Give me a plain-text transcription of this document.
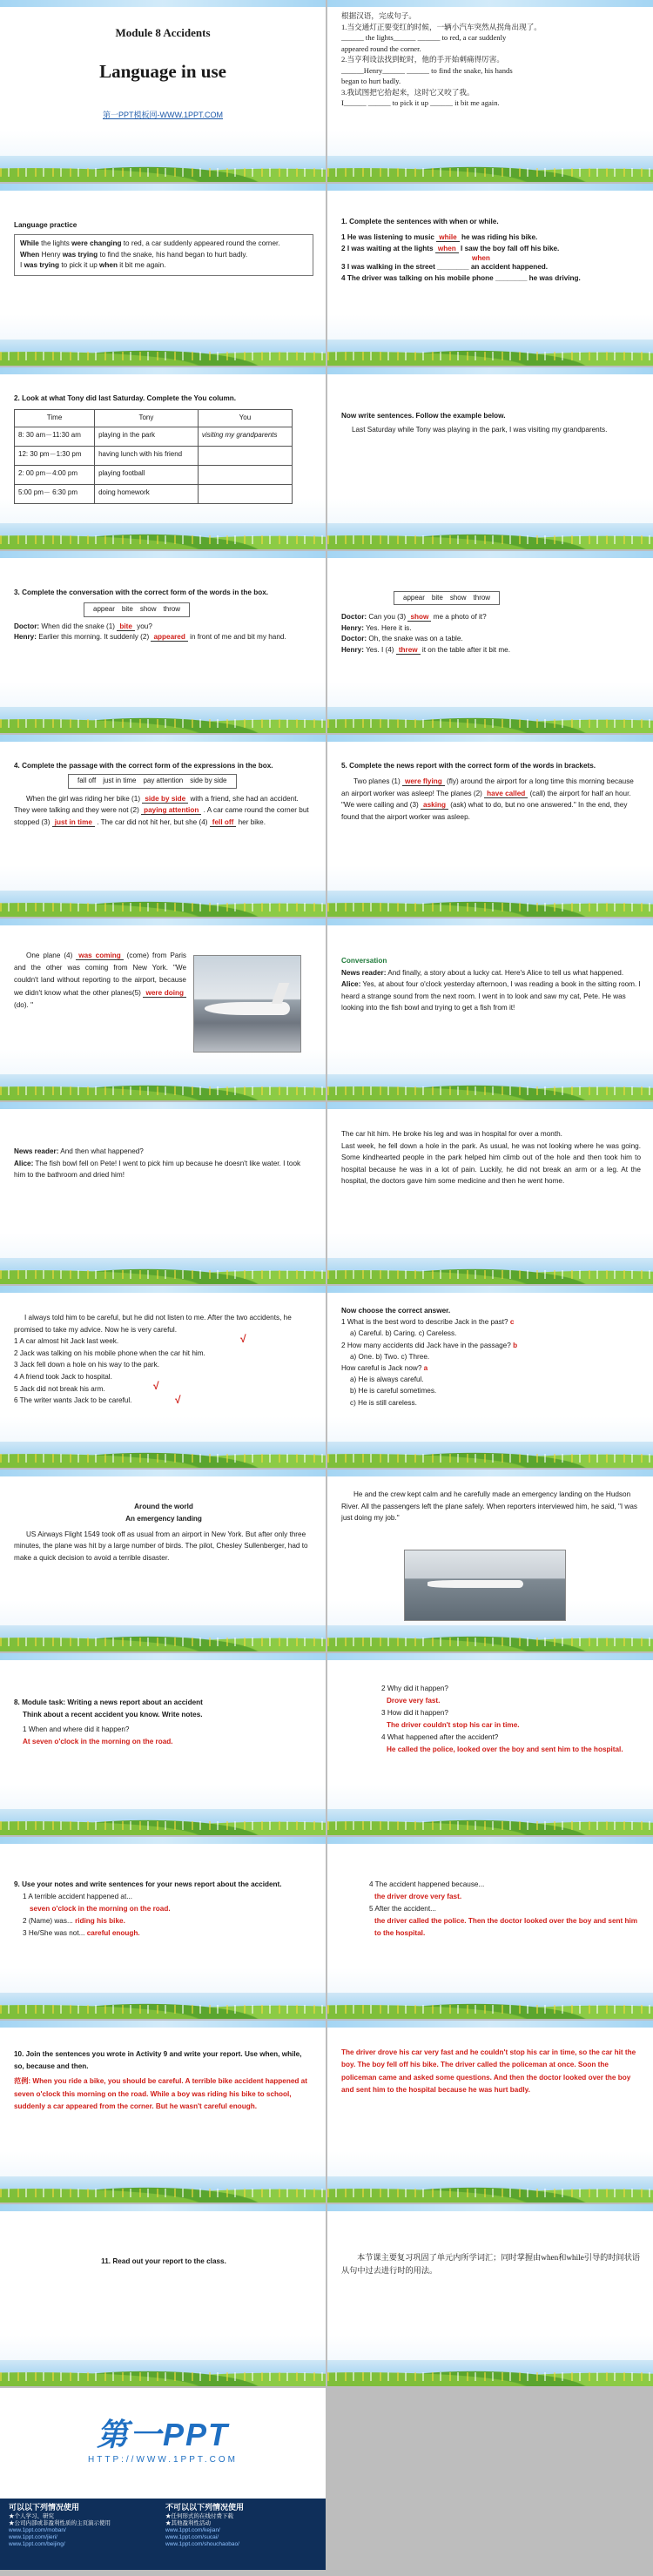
Module 8 Accidents
Language in use
第一PPT模板网-WWW.1PPT.COM
根据汉语，完成句子。
1.当交通灯正要变红的时候，一辆小汽车突然从拐角出现了。
______ the lights______ ______ to red, a car suddenly
appeared round the corner.
2.当亨利设法找到蛇时，他的手开始刺痛得厉害。
______Henry______ ______ to find the snake, his hands
began to hurt badly.
3.我试图把它拾起来，这时它又咬了我。
I______ ______ to pick it up ______ it bit me again.
Language practice
While the lights were changing to red, a car suddenly appeared round the corner.
When Henry was trying to find the snake, his hand began to hurt badly.
I was trying to pick it up when it bit me again.
1. Complete the sentences with when or while.
1 He was listening to music while he was riding his bike.
2 I was waiting at the lights when I saw the boy fall off his bike.
when
3 I was walking in the street ________ an accident happened.
4 The driver was talking on his mobile phone ________ he was driving.
2. Look at what Tony did last Saturday. Complete the You column.
Time	Tony	You
8: 30 am－11:30 am	playing in the park	visiting my grandparents
12: 30 pm－1:30 pm	having lunch with his friend	
2: 00 pm－4:00 pm	playing football	
5:00 pm－ 6:30 pm	doing homework	
Now write sentences. Follow the example below.
Last Saturday while Tony was playing in the park, I was visiting my grandparents.
3. Complete the conversation with the correct form of the words in the box.
appear bite show throw
Doctor: When did the snake (1) bite you?
Henry: Earlier this morning. It suddenly (2) appeared in front of me and bit my hand.
appear bite show throw
Doctor: Can you (3) show me a photo of it?
Henry: Yes. Here it is.
Doctor: Oh, the snake was on a table.
Henry: Yes. I (4) threw it on the table after it bit me.
4. Complete the passage with the correct form of the expressions in the box.
fall off just in time pay attention side by side
When the girl was riding her bike (1) side by side with a friend, she had an accident. They were talking and they were not (2) paying attention . A car came round the corner but stopped (3) just in time . The car did not hit her, but she (4) fell off her bike.
5. Complete the news report with the correct form of the words in brackets.
Two planes (1) were flying (fly) around the airport for a long time this morning because an airport worker was asleep! The planes (2) have called (call) the airport for half an hour. "We were calling and (3) asking (ask) what to do, but no one answered." In the end, they found that the airport worker was asleep.
One plane (4) was coming (come) from Paris and the other was coming from New York. "We couldn't land without reporting to the airport, because we didn't know what the other planes(5) were doing (do). "
Conversation
News reader: And finally, a story about a lucky cat. Here's Alice to tell us what happened.
Alice: Yes, at about four o'clock yesterday afternoon, I was reading a book in the sitting room. I heard a strange sound from the next room. I went in to look and saw my cat, Pete. He was looking into the fish bowl and trying to get a fish from it!
News reader: And then what happened?
Alice: The fish bowl fell on Pete! I went to pick him up because he doesn't like water. I took him to the bathroom and dried him!
The car hit him. He broke his leg and was in hospital for over a month.
Last week, he fell down a hole in the park. As usual, he was not looking where he was going. Some kindhearted people in the park helped him climb out of the hole and then took him to hospital because he was in a lot of pain. Luckily, he did not break an arm or a leg. At the hospital, the doctors gave him some medicine and then he went home.
I always told him to be careful, but he did not listen to me. After the two accidents, he promised to take my advice. Now he is very careful.
1 A car almost hit Jack last week.
2 Jack was talking on his mobile phone when the car hit him.
3 Jack fell down a hole on his way to the park.
4 A friend took Jack to hospital.
5 Jack did not break his arm.
6 The writer wants Jack to be careful.
√
√
√
Now choose the correct answer.
1 What is the best word to describe Jack in the past? c
a) Careful. b) Caring. c) Careless.
2 How many accidents did Jack have in the passage? b
a) One. b) Two. c) Three.
How careful is Jack now? a
a) He is always careful.
b) He is careful sometimes.
c) He is still careless.
Around the world
An emergency landing
US Airways Flight 1549 took off as usual from an airport in New York. But after only three minutes, the plane was hit by a large number of birds. The pilot, Chesley Sullenberger, had to make a quick decision to avoid a terrible disaster.
He and the crew kept calm and he carefully made an emergency landing on the Hudson River. All the passengers left the plane safely. When reporters interviewed him, he said, "I was just doing my job."
8. Module task: Writing a news report about an accident
Think about a recent accident you know. Write notes.
1 When and where did it happen?
At seven o'clock in the morning on the road.
2 Why did it happen?
Drove very fast.
3 How did it happen?
The driver couldn't stop his car in time.
4 What happened after the accident?
He called the police, looked over the boy and sent him to the hospital.
9. Use your notes and write sentences for your news report about the accident.
1 A terrible accident happened at...
seven o'clock in the morning on the road.
2 (Name) was... riding his bike.
3 He/She was not... careful enough.
4 The accident happened because...
the driver drove very fast.
5 After the accident...
the driver called the police. Then the doctor looked over the boy and sent him to the hospital.
10. Join the sentences you wrote in Activity 9 and write your report. Use when, while, so, because and then.
范例: When you ride a bike, you should be careful. A terrible bike accident happened at seven o'clock this morning on the road. While a boy was riding his bike to school, suddenly a car appeared from the corner. But he wasn't careful enough.
The driver drove his car very fast and he couldn't stop his car in time, so the car hit the boy. The boy fell off his bike. The driver called the policeman at once. Soon the policeman came and asked some questions. And then the doctor looked over the boy and sent him to the hospital because he was hurt badly.
11. Read out your report to the class.	本节课主要复习巩固了单元内所学词汇；同时掌握由when和while引导的时间状语从句中过去进行时的用法。
第一PPT
HTTP://WWW.1PPT.COM
可以以下列情况使用
★个人学习、研究
★公司内部或非盈利性质的主页演示使用
www.1ppt.com/moban/
www.1ppt.com/jieri/
www.1ppt.com/beijing/
不可以以下列情况使用
★任何形式的在线付费下载
★其他盈利性活动
www.1ppt.com/kejian/
www.1ppt.com/sucai/
www.1ppt.com/shouchaobao/
